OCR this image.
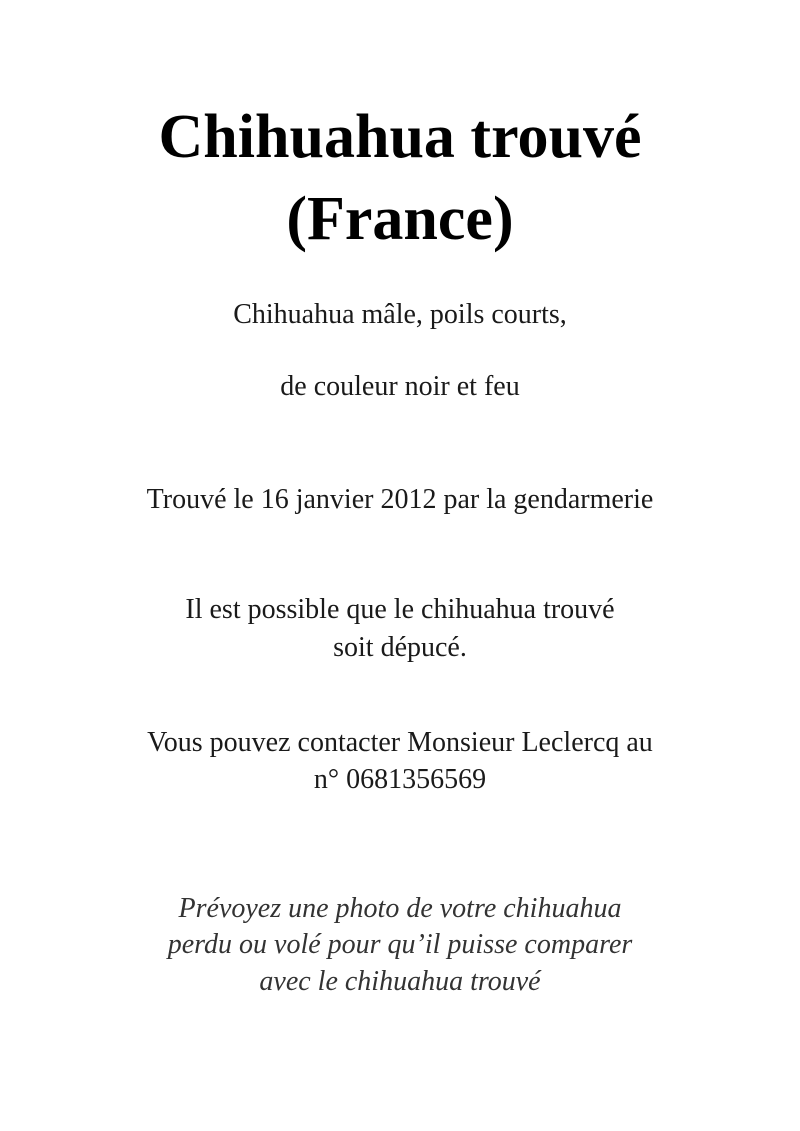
Chihuahua trouvé
(France)
Chihuahua mâle, poils courts,
de couleur noir et feu
Trouvé le 16 janvier 2012 par la gendarmerie
Il est possible que le chihuahua trouvé
soit dépucé.
Vous pouvez contacter Monsieur Leclercq au
n° 0681356569
Prévoyez une photo de votre chihuahua
perdu ou volé pour qu’il puisse comparer
avec le chihuahua trouvé
